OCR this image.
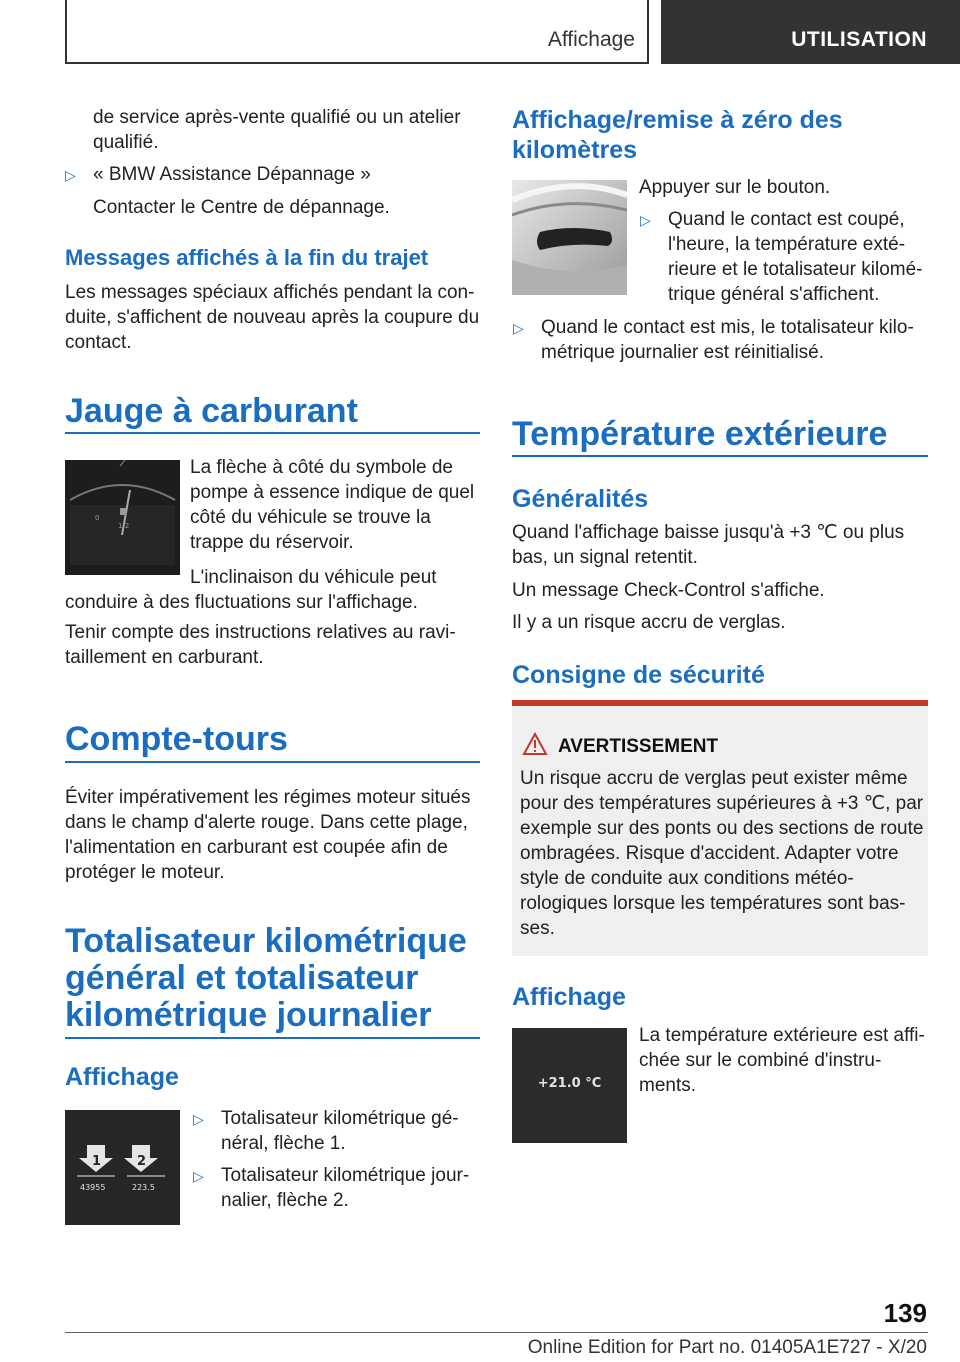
Affichage	UTILISATION

de service après-vente qualifié ou un atelier qualifié.

▷ « BMW Assistance Dépannage »

Contacter le Centre de dépannage.

Messages affichés à la fin du trajet

Les messages spéciaux affichés pendant la con-duite, s'affichent de nouveau après la coupure du contact.

Jauge à carburant
0
1/2

La flèche à côté du symbole de pompe à essence indique de quel côté du véhicule se trouve la trappe du réservoir.

L'inclinaison du véhicule peut

conduire à des fluctuations sur l'affichage.

Tenir compte des instructions relatives au ravi-taillement en carburant.

Compte-tours

Éviter impérativement les régimes moteur situés dans le champ d'alerte rouge. Dans cette plage, l'alimentation en carburant est coupée afin de protéger le moteur.

Totalisateur kilométrique général et totalisateur kilométrique journalier
Affichage
1	2
43955	223.5
▷ Totalisateur kilométrique gé-néral, flèche 1.

▷ Totalisateur kilométrique jour-nalier, flèche 2.

Affichage/remise à zéro des kilomètres

Appuyer sur le bouton.

▷ Quand le contact est coupé, l'heure, la température exté-rieure et le totalisateur kilomé-trique général s'affichent.

▷ Quand le contact est mis, le totalisateur kilo-métrique journalier est réinitialisé.

Température extérieure
Généralités

Quand l'affichage baisse jusqu'à +3 ℃ ou plus bas, un signal retentit.

Un message Check-Control s'affiche.

Il y a un risque accru de verglas.

Consigne de sécurité
AVERTISSEMENT

Un risque accru de verglas peut exister même pour des températures supérieures à +3 ℃, par exemple sur des ponts ou des sections de route ombragées. Risque d'accident. Adapter votre style de conduite aux conditions météo-rologiques lorsque les températures sont bas-ses.

Affichage
+21.0 °C

La température extérieure est affi-chée sur le combiné d'instru-ments.

139
Online Edition for Part no. 01405A1E727 - X/20
